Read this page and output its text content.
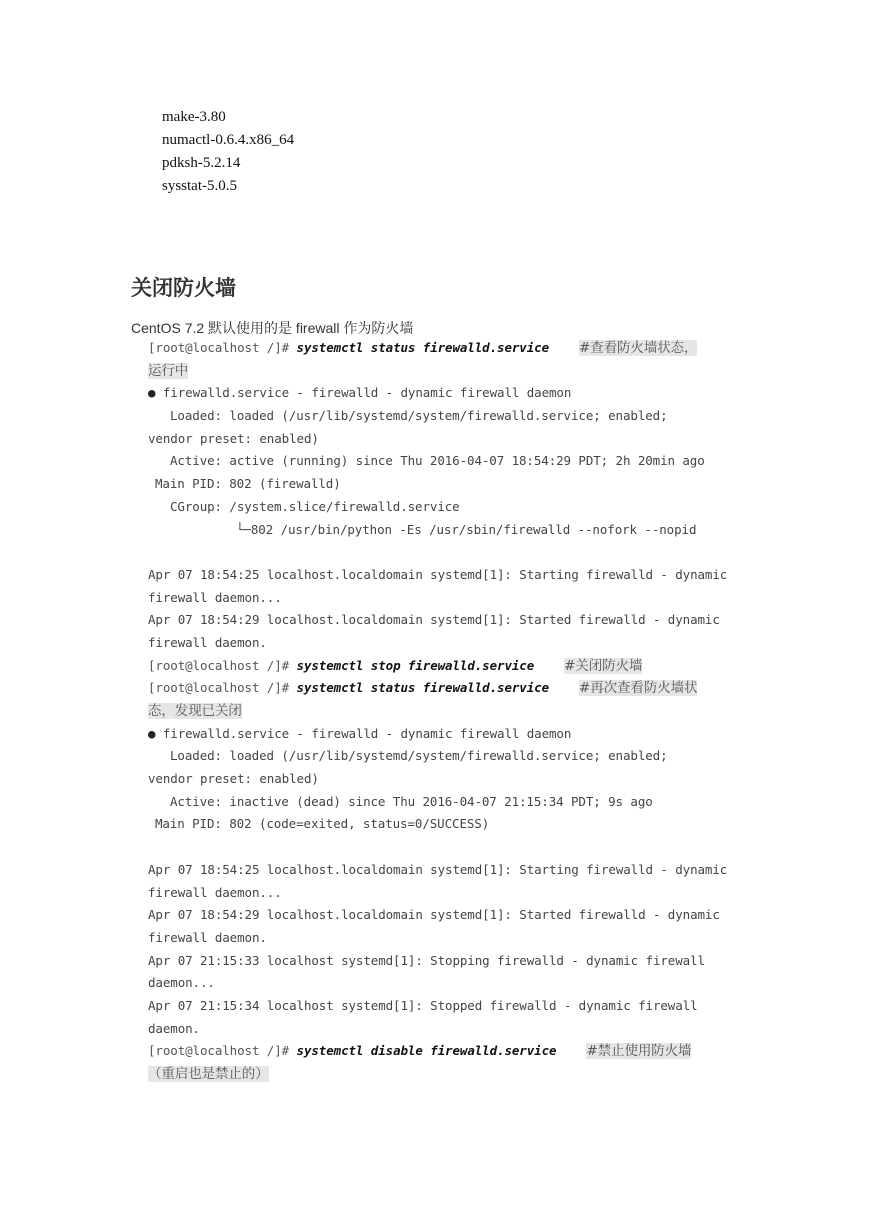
make-3.80
numactl-0.6.4.x86_64
pdksh-5.2.14
sysstat-5.0.5
关闭防火墙

CentOS 7.2 默认使用的是 firewall 作为防火墙

[root@localhost /]# systemctl status firewalld.service #查看防火墙状态，
运行中
● firewalld.service - firewalld - dynamic firewall daemon
Loaded: loaded (/usr/lib/systemd/system/firewalld.service; enabled;
vendor preset: enabled)
Active: active (running) since Thu 2016-04-07 18:54:29 PDT; 2h 20min ago
Main PID: 802 (firewalld)
CGroup: /system.slice/firewalld.service
└─802 /usr/bin/python -Es /usr/sbin/firewalld --nofork --nopid
Apr 07 18:54:25 localhost.localdomain systemd[1]: Starting firewalld - dynamic
firewall daemon...
Apr 07 18:54:29 localhost.localdomain systemd[1]: Started firewalld - dynamic
firewall daemon.
[root@localhost /]# systemctl stop firewalld.service #关闭防火墙
[root@localhost /]# systemctl status firewalld.service #再次查看防火墙状
态，发现已关闭
● firewalld.service - firewalld - dynamic firewall daemon
Loaded: loaded (/usr/lib/systemd/system/firewalld.service; enabled;
vendor preset: enabled)
Active: inactive (dead) since Thu 2016-04-07 21:15:34 PDT; 9s ago
Main PID: 802 (code=exited, status=0/SUCCESS)
Apr 07 18:54:25 localhost.localdomain systemd[1]: Starting firewalld - dynamic
firewall daemon...
Apr 07 18:54:29 localhost.localdomain systemd[1]: Started firewalld - dynamic
firewall daemon.
Apr 07 21:15:33 localhost systemd[1]: Stopping firewalld - dynamic firewall
daemon...
Apr 07 21:15:34 localhost systemd[1]: Stopped firewalld - dynamic firewall
daemon.
[root@localhost /]# systemctl disable firewalld.service #禁止使用防火墙
（重启也是禁止的）
